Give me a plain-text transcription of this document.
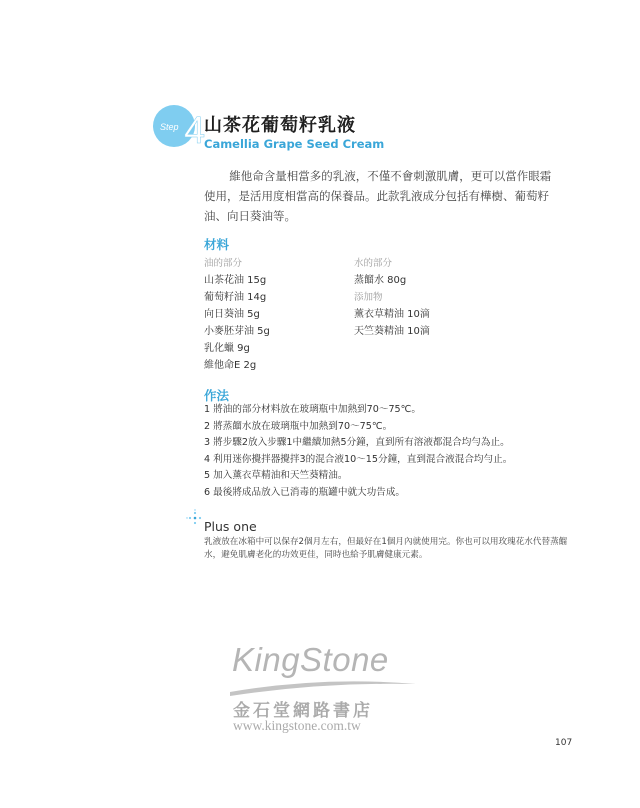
Step 4
山茶花葡萄籽乳液
Camellia Grape Seed Cream

維他命含量相當多的乳液，不僅不會刺激肌膚，更可以當作眼霜使用，是活用度相當高的保養品。此款乳液成分包括有樺樹、葡萄籽油、向日葵油等。

材料
油的部分
山茶花油 15g
葡萄籽油 14g
向日葵油 5g
小麥胚芽油 5g
乳化蠟 9g
維他命E 2g
水的部分
蒸餾水 80g
添加物
薰衣草精油 10滴
天竺葵精油 10滴
作法
1 將油的部分材料放在玻璃瓶中加熱到70～75℃。
2 將蒸餾水放在玻璃瓶中加熱到70～75℃。
3 將步驟2放入步驟1中繼續加熱5分鐘，直到所有溶液都混合均勻為止。
4 利用迷你攪拌器攪拌3的混合液10～15分鐘，直到混合液混合均勻止。
5 加入薰衣草精油和天竺葵精油。
6 最後將成品放入已消毒的瓶罐中就大功告成。
Plus one
乳液放在冰箱中可以保存2個月左右，但最好在1個月內就使用完。你也可以用玫瑰花水代替蒸餾水，避免肌膚老化的功效更佳，同時也給予肌膚健康元素。
KingStone
金石堂網路書店
www.kingstone.com.tw
107
